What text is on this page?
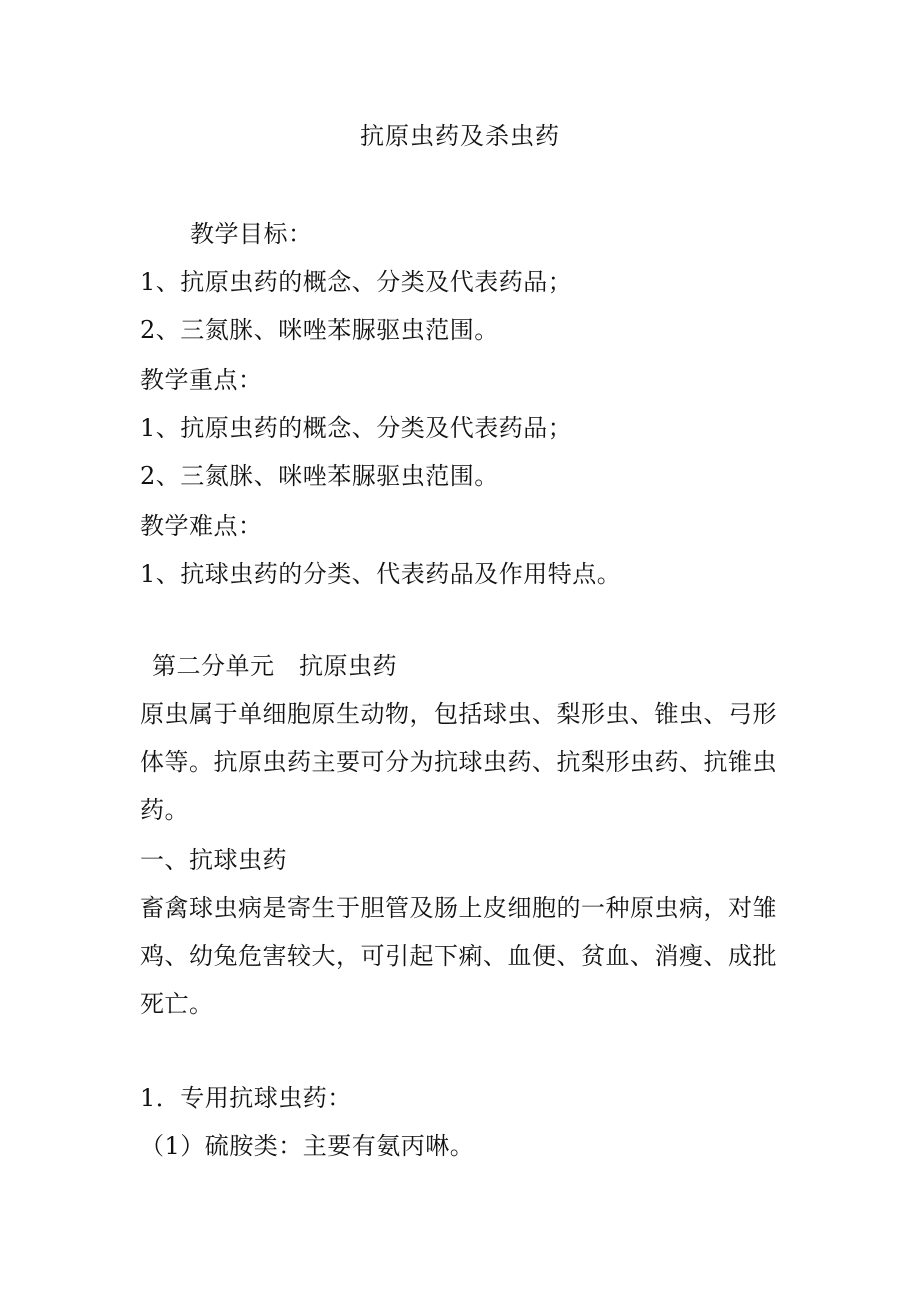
抗原虫药及杀虫药
教学目标：
1、抗原虫药的概念、分类及代表药品；
2、三氮脒、咪唑苯脲驱虫范围。
教学重点：
1、抗原虫药的概念、分类及代表药品；
2、三氮脒、咪唑苯脲驱虫范围。
教学难点：
1、抗球虫药的分类、代表药品及作用特点。
第二分单元　抗原虫药
原虫属于单细胞原生动物，包括球虫、梨形虫、锥虫、弓形
体等。抗原虫药主要可分为抗球虫药、抗梨形虫药、抗锥虫
药。
一、抗球虫药
畜禽球虫病是寄生于胆管及肠上皮细胞的一种原虫病，对雏
鸡、幼兔危害较大，可引起下痢、血便、贫血、消瘦、成批
死亡。
1．专用抗球虫药：
（1）硫胺类：主要有氨丙啉。
